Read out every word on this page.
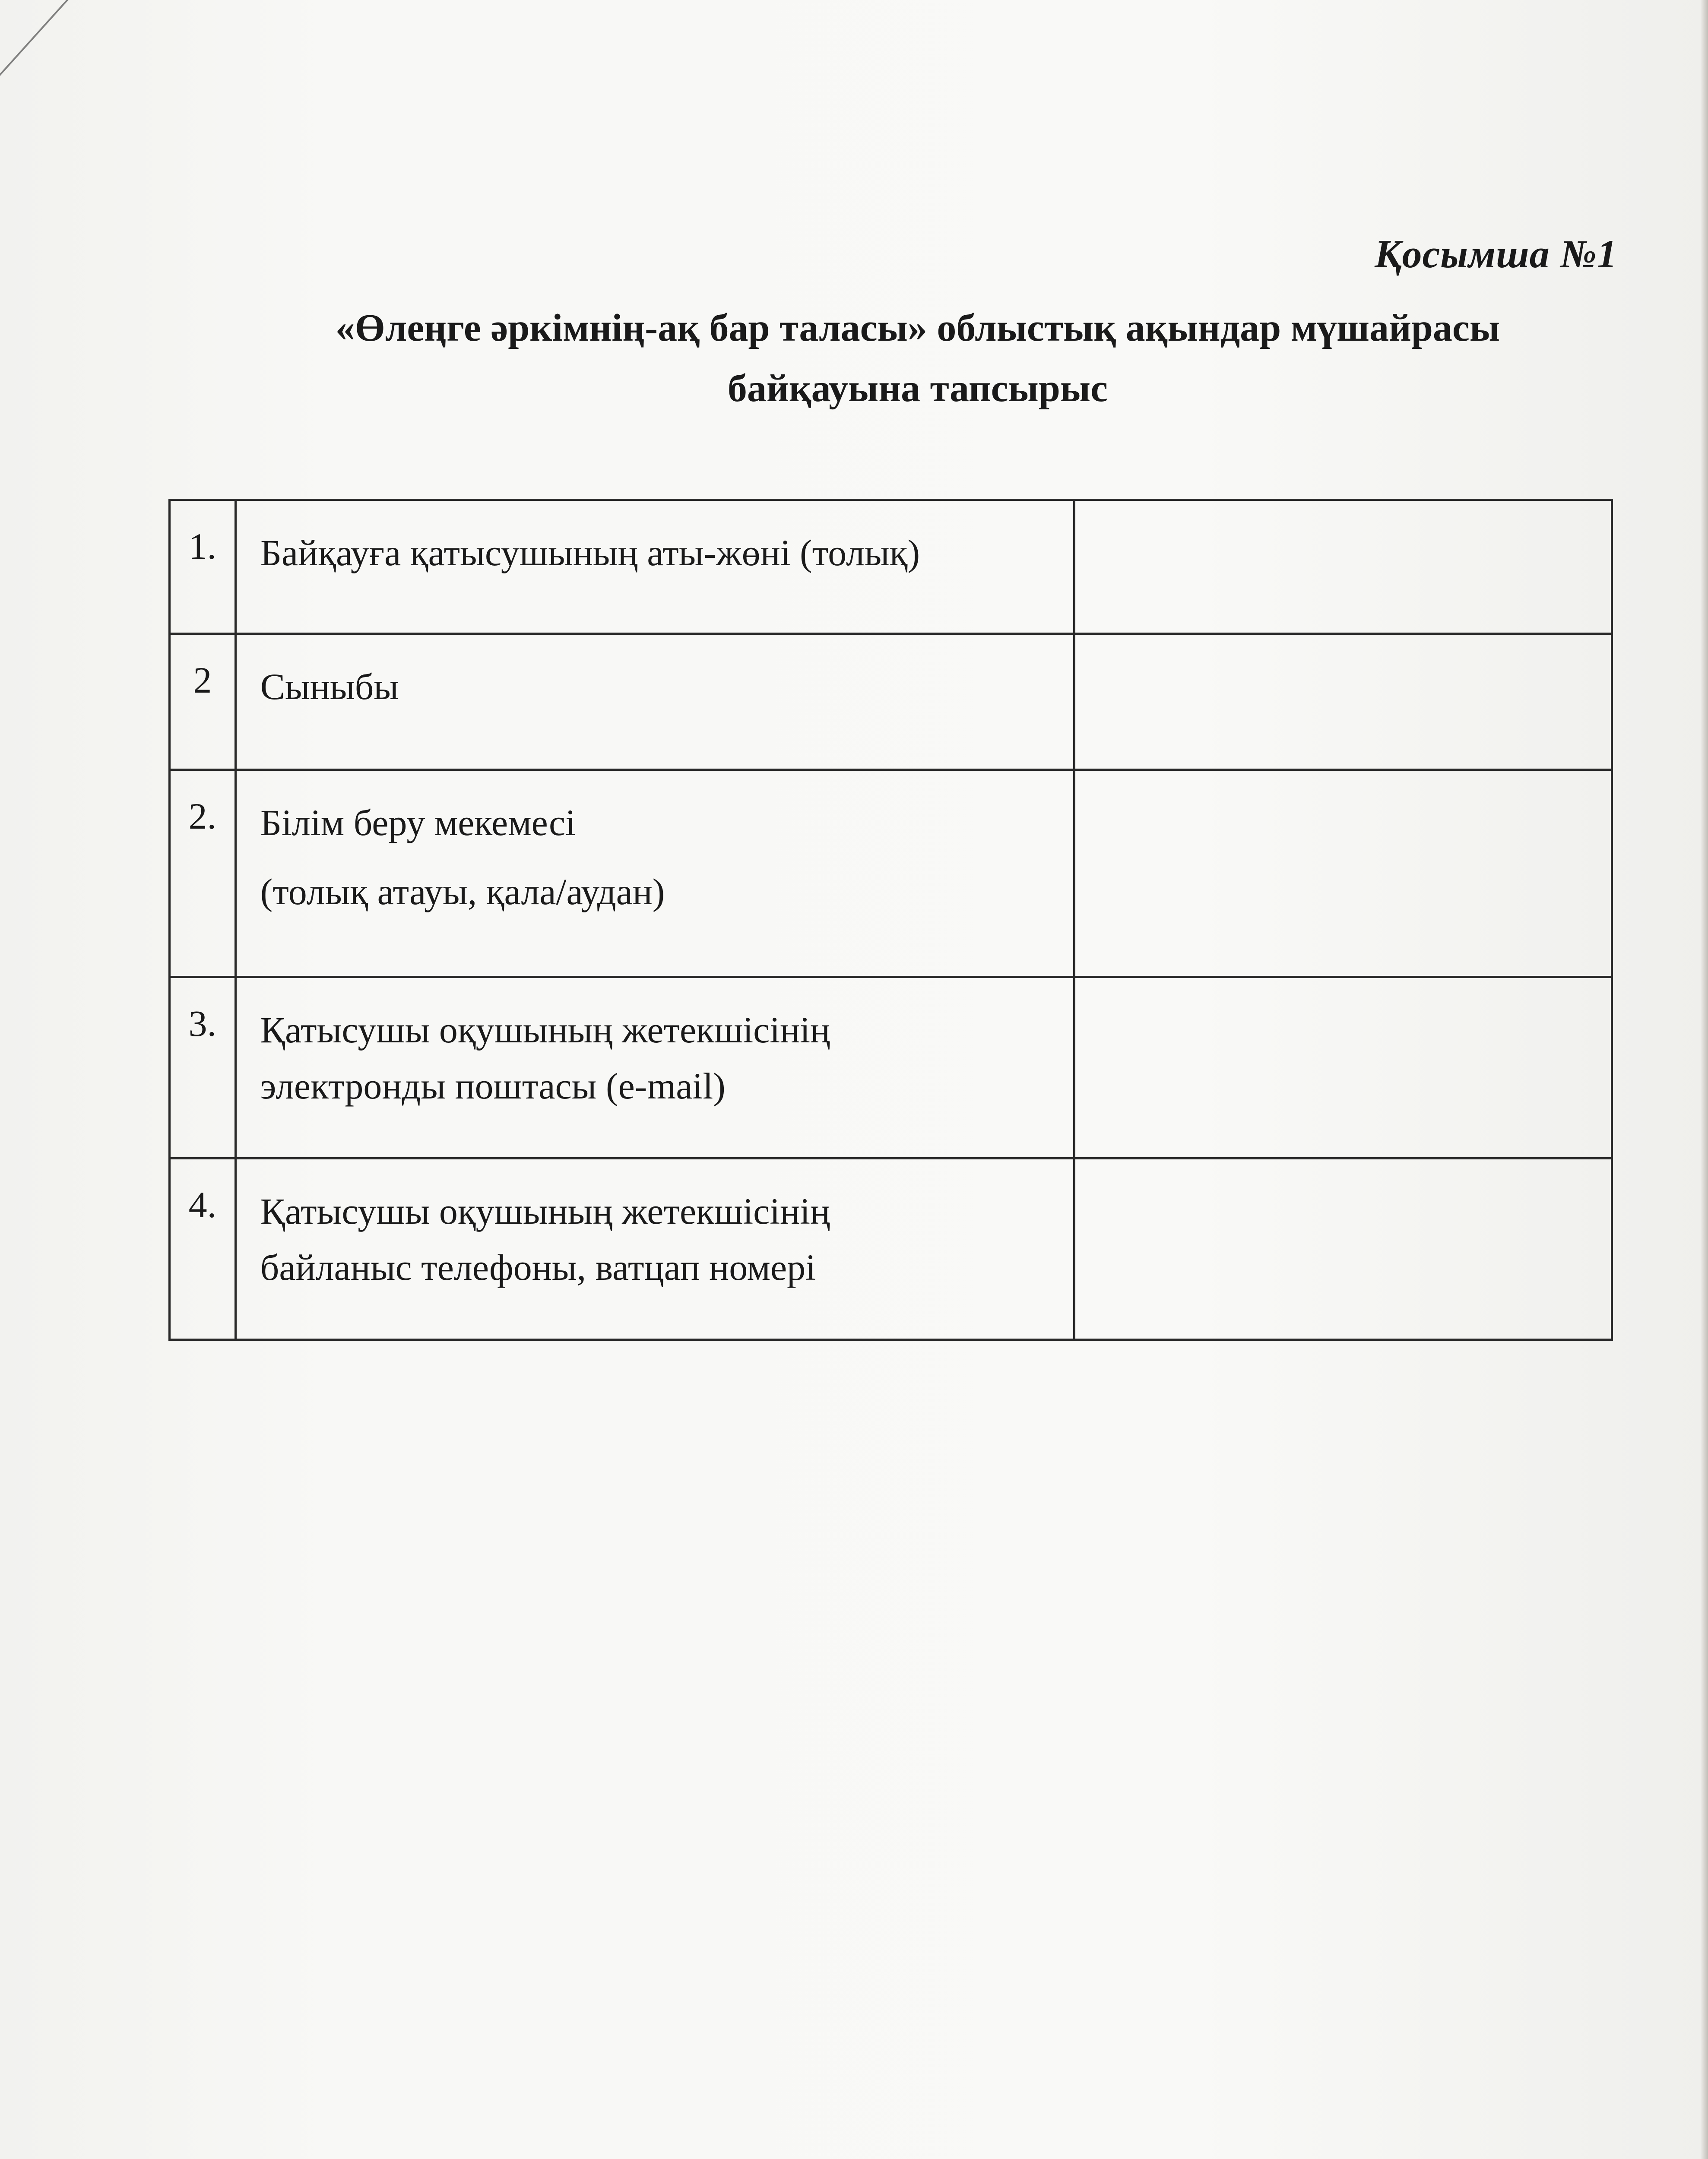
Қосымша №1
«Өлеңге әркімнің-ақ бар таласы» облыстық ақындар мүшайрасы
байқауына тапсырыс
1.	Байқауға қатысушының аты-жөні (толық)	

2	Сыныбы	

2.	Білім беру мекемесі
(толық атауы, қала/аудан)	

3.	Қатысушы оқушының жетекшісінің
электронды поштасы (e-mail)	

4.	Қатысушы оқушының жетекшісінің
байланыс телефоны, ватцап номері	
